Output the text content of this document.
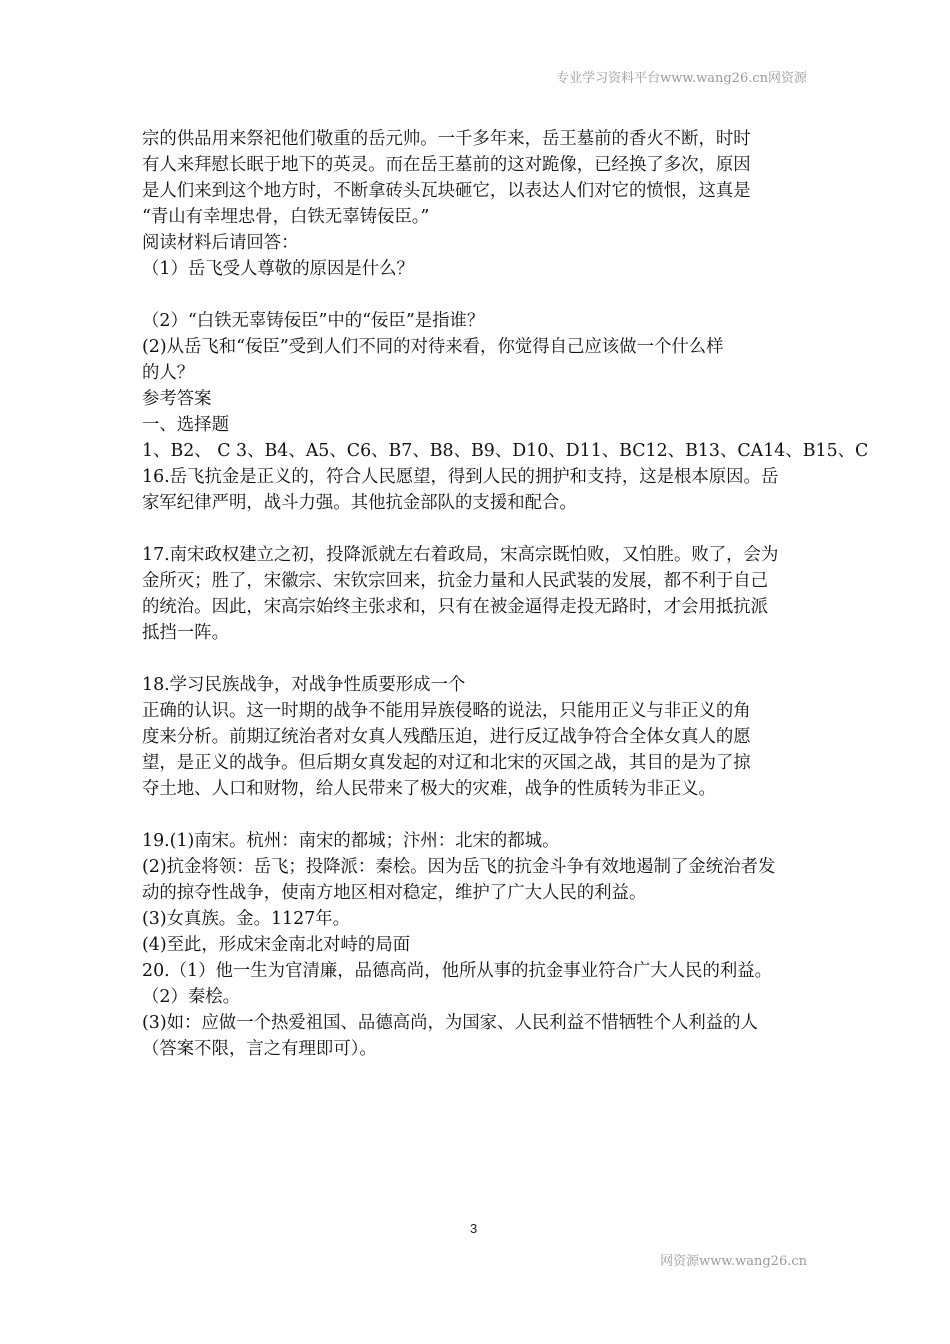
专业学习资料平台www.wang26.cn网资源

宗的供品用来祭祀他们敬重的岳元帅。一千多年来，岳王墓前的香火不断，时时

有人来拜慰长眠于地下的英灵。而在岳王墓前的这对跪像，已经换了多次，原因

是人们来到这个地方时，不断拿砖头瓦块砸它，以表达人们对它的愤恨，这真是

“青山有幸埋忠骨，白铁无辜铸佞臣。”

阅读材料后请回答：

（1）岳飞受人尊敬的原因是什么？

（2）“白铁无辜铸佞臣”中的“佞臣”是指谁？

(2)从岳飞和“佞臣”受到人们不同的对待来看，你觉得自己应该做一个什么样

的人？

参考答案

一、选择题

1、B2、 C 3、B4、A5、C6、B7、B8、B9、D10、D11、BC12、B13、CA14、B15、C

16.岳飞抗金是正义的，符合人民愿望，得到人民的拥护和支持，这是根本原因。岳

家军纪律严明，战斗力强。其他抗金部队的支援和配合。

17.南宋政权建立之初，投降派就左右着政局，宋高宗既怕败，又怕胜。败了，会为

金所灭；胜了，宋徽宗、宋钦宗回来，抗金力量和人民武装的发展，都不利于自己

的统治。因此，宋高宗始终主张求和，只有在被金逼得走投无路时，才会用抵抗派

抵挡一阵。

18.学习民族战争，对战争性质要形成一个

正确的认识。这一时期的战争不能用异族侵略的说法，只能用正义与非正义的角

度来分析。前期辽统治者对女真人残酷压迫，进行反辽战争符合全体女真人的愿

望，是正义的战争。但后期女真发起的对辽和北宋的灭国之战，其目的是为了掠

夺土地、人口和财物，给人民带来了极大的灾难，战争的性质转为非正义。

19.(1)南宋。杭州：南宋的都城；汴州：北宋的都城。

(2)抗金将领：岳飞；投降派：秦桧。因为岳飞的抗金斗争有效地遏制了金统治者发

动的掠夺性战争，使南方地区相对稳定，维护了广大人民的利益。

(3)女真族。金。1127年。

(4)至此，形成宋金南北对峙的局面

20.（1）他一生为官清廉，品德高尚，他所从事的抗金事业符合广大人民的利益。

（2）秦桧。

(3)如：应做一个热爱祖国、品德高尚，为国家、人民利益不惜牺牲个人利益的人

（答案不限，言之有理即可）。

3
网资源www.wang26.cn
